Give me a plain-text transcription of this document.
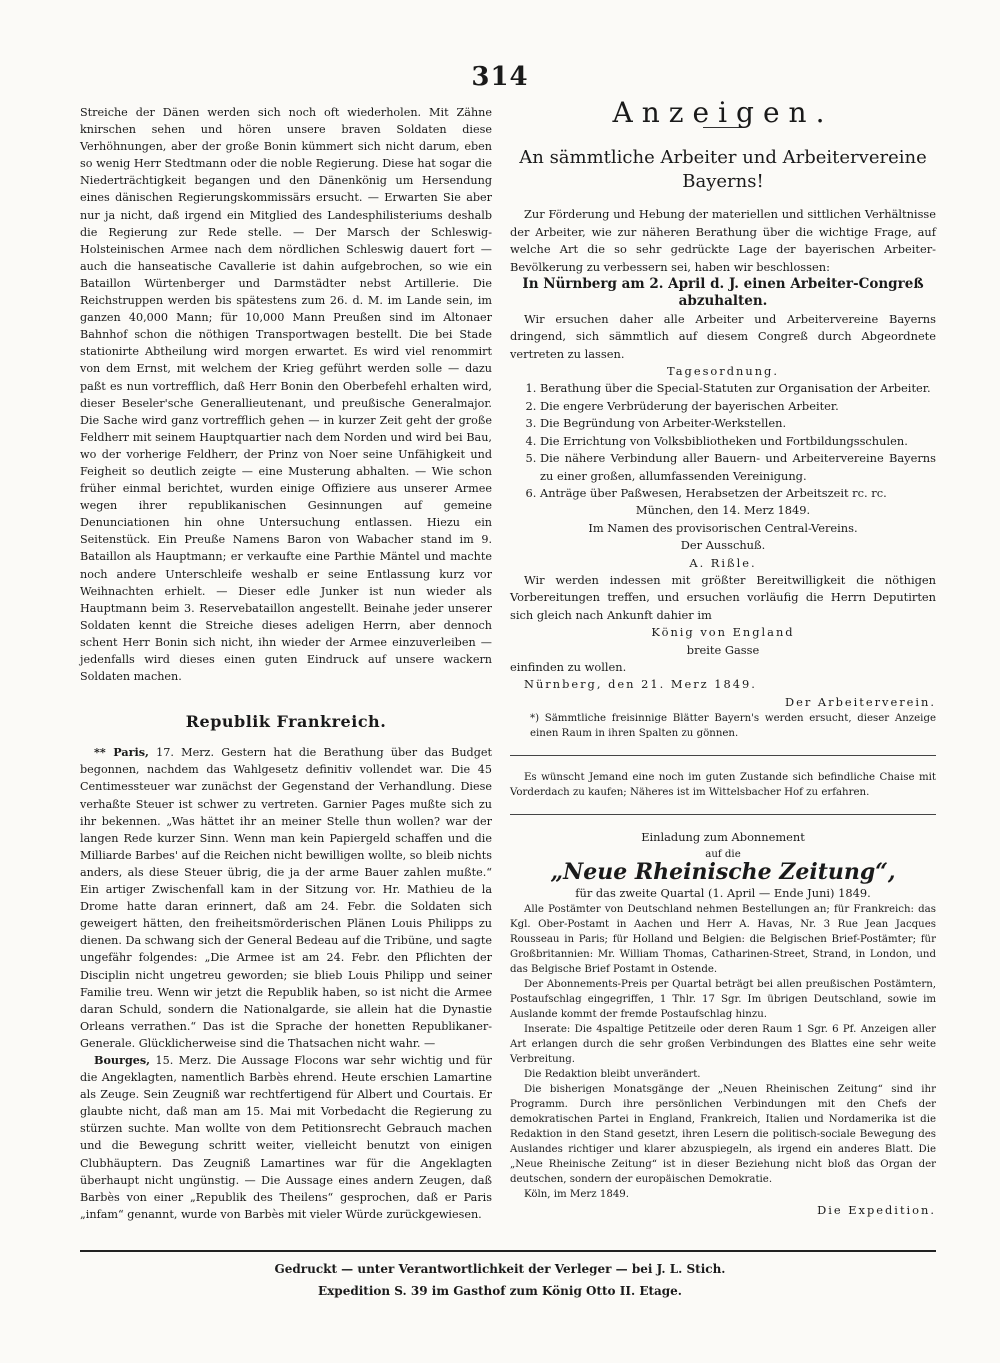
314

Streiche der Dänen werden sich noch oft wiederholen. Mit Zähne knirschen sehen und hören unsere braven Soldaten diese Verhöhnungen, aber der große Bonin kümmert sich nicht darum, eben so wenig Herr Stedtmann oder die noble Regierung. Diese hat sogar die Niederträchtigkeit begangen und den Dänenkönig um Hersendung eines dänischen Regierungskommissärs ersucht. — Erwarten Sie aber nur ja nicht, daß irgend ein Mitglied des Landesphilisteriums deshalb die Regierung zur Rede stelle. — Der Marsch der Schleswig-Holsteinischen Armee nach dem nördlichen Schleswig dauert fort — auch die hanseatische Cavallerie ist dahin aufgebrochen, so wie ein Bataillon Würtenberger und Darmstädter nebst Artillerie. Die Reichstruppen werden bis spätestens zum 26. d. M. im Lande sein, im ganzen 40,000 Mann; für 10,000 Mann Preußen sind im Altonaer Bahnhof schon die nöthigen Transportwagen bestellt. Die bei Stade stationirte Abtheilung wird morgen erwartet. Es wird viel renommirt von dem Ernst, mit welchem der Krieg geführt werden solle — dazu paßt es nun vortrefflich, daß Herr Bonin den Oberbefehl erhalten wird, dieser Beseler'sche Generallieutenant, und preußische Generalmajor. Die Sache wird ganz vortrefflich gehen — in kurzer Zeit geht der große Feldherr mit seinem Hauptquartier nach dem Norden und wird bei Bau, wo der vorherige Feldherr, der Prinz von Noer seine Unfähigkeit und Feigheit so deutlich zeigte — eine Musterung abhalten. — Wie schon früher einmal berichtet, wurden einige Offiziere aus unserer Armee wegen ihrer republikanischen Gesinnungen auf gemeine Denunciationen hin ohne Untersuchung entlassen. Hiezu ein Seitenstück. Ein Preuße Namens Baron von Wabacher stand im 9. Bataillon als Hauptmann; er verkaufte eine Parthie Mäntel und machte noch andere Unterschleife weshalb er seine Entlassung kurz vor Weihnachten erhielt. — Dieser edle Junker ist nun wieder als Hauptmann beim 3. Reservebataillon angestellt. Beinahe jeder unserer Soldaten kennt die Streiche dieses adeligen Herrn, aber dennoch schent Herr Bonin sich nicht, ihn wieder der Armee einzuverleiben — jedenfalls wird dieses einen guten Eindruck auf unsere wackern Soldaten machen.

Republik Frankreich.

** Paris, 17. Merz. Gestern hat die Berathung über das Budget begonnen, nachdem das Wahlgesetz definitiv vollendet war. Die 45 Centimessteuer war zunächst der Gegenstand der Verhandlung. Diese verhaßte Steuer ist schwer zu vertreten. Garnier Pages mußte sich zu ihr bekennen. „Was hättet ihr an meiner Stelle thun wollen? war der langen Rede kurzer Sinn. Wenn man kein Papiergeld schaffen und die Milliarde Barbes' auf die Reichen nicht bewilligen wollte, so bleib nichts anders, als diese Steuer übrig, die ja der arme Bauer zahlen mußte.“ Ein artiger Zwischenfall kam in der Sitzung vor. Hr. Mathieu de la Drome hatte daran erinnert, daß am 24. Febr. die Soldaten sich geweigert hätten, den freiheitsmörderischen Plänen Louis Philipps zu dienen. Da schwang sich der General Bedeau auf die Tribüne, und sagte ungefähr folgendes: „Die Armee ist am 24. Febr. den Pflichten der Disciplin nicht ungetreu geworden; sie blieb Louis Philipp und seiner Familie treu. Wenn wir jetzt die Republik haben, so ist nicht die Armee daran Schuld, sondern die Nationalgarde, sie allein hat die Dynastie Orleans verrathen.“ Das ist die Sprache der honetten Republikaner-Generale. Glücklicherweise sind die Thatsachen nicht wahr. —

Bourges, 15. Merz. Die Aussage Flocons war sehr wichtig und für die Angeklagten, namentlich Barbès ehrend. Heute erschien Lamartine als Zeuge. Sein Zeugniß war rechtfertigend für Albert und Courtais. Er glaubte nicht, daß man am 15. Mai mit Vorbedacht die Regierung zu stürzen suchte. Man wollte von dem Petitionsrecht Gebrauch machen und die Bewegung schritt weiter, vielleicht benutzt von einigen Clubhäuptern. Das Zeugniß Lamartines war für die Angeklagten überhaupt nicht ungünstig. — Die Aussage eines andern Zeugen, daß Barbès von einer „Republik des Theilens“ gesprochen, daß er Paris „infam“ genannt, wurde von Barbès mit vieler Würde zurückgewiesen.

Anzeigen.
An sämmtliche Arbeiter und Arbeitervereine Bayerns!

Zur Förderung und Hebung der materiellen und sittlichen Verhältnisse der Arbeiter, wie zur näheren Berathung über die wichtige Frage, auf welche Art die so sehr gedrückte Lage der bayerischen Arbeiter-Bevölkerung zu verbessern sei, haben wir beschlossen:

In Nürnberg am 2. April d. J. einen Arbeiter-Congreß abzuhalten.

Wir ersuchen daher alle Arbeiter und Arbeitervereine Bayerns dringend, sich sämmtlich auf diesem Congreß durch Abgeordnete vertreten zu lassen.

Tagesordnung.

1. Berathung über die Special-Statuten zur Organisation der Arbeiter.
2. Die engere Verbrüderung der bayerischen Arbeiter.
3. Die Begründung von Arbeiter-Werkstellen.
4. Die Errichtung von Volksbibliotheken und Fortbildungsschulen.
5. Die nähere Verbindung aller Bauern- und Arbeitervereine Bayerns zu einer großen, allumfassenden Vereinigung.
6. Anträge über Paßwesen, Herabsetzen der Arbeitszeit rc. rc.

München, den 14. Merz 1849.

Im Namen des provisorischen Central-Vereins.

Der Ausschuß.

A. Rißle.

Wir werden indessen mit größter Bereitwilligkeit die nöthigen Vorbereitungen treffen, und ersuchen vorläufig die Herrn Deputirten sich gleich nach Ankunft dahier im

König von England

breite Gasse

einfinden zu wollen.

Nürnberg, den 21. Merz 1849.

Der Arbeiterverein.

*) Sämmtliche freisinnige Blätter Bayern's werden ersucht, dieser Anzeige einen Raum in ihren Spalten zu gönnen.

Es wünscht Jemand eine noch im guten Zustande sich befindliche Chaise mit Vorderdach zu kaufen; Näheres ist im Wittelsbacher Hof zu erfahren.

Einladung zum Abonnement

auf die

„Neue Rheinische Zeitung“,

für das zweite Quartal (1. April — Ende Juni) 1849.

Alle Postämter von Deutschland nehmen Bestellungen an; für Frankreich: das Kgl. Ober-Postamt in Aachen und Herr A. Havas, Nr. 3 Rue Jean Jacques Rousseau in Paris; für Holland und Belgien: die Belgischen Brief-Postämter; für Großbritannien: Mr. William Thomas, Catharinen-Street, Strand, in London, und das Belgische Brief Postamt in Ostende.

Der Abonnements-Preis per Quartal beträgt bei allen preußischen Postämtern, Postaufschlag eingegriffen, 1 Thlr. 17 Sgr. Im übrigen Deutschland, sowie im Auslande kommt der fremde Postaufschlag hinzu.

Inserate: Die 4spaltige Petitzeile oder deren Raum 1 Sgr. 6 Pf. Anzeigen aller Art erlangen durch die sehr großen Verbindungen des Blattes eine sehr weite Verbreitung.

Die Redaktion bleibt unverändert.

Die bisherigen Monatsgänge der „Neuen Rheinischen Zeitung“ sind ihr Programm. Durch ihre persönlichen Verbindungen mit den Chefs der demokratischen Partei in England, Frankreich, Italien und Nordamerika ist die Redaktion in den Stand gesetzt, ihren Lesern die politisch-sociale Bewegung des Auslandes richtiger und klarer abzuspiegeln, als irgend ein anderes Blatt. Die „Neue Rheinische Zeitung“ ist in dieser Beziehung nicht bloß das Organ der deutschen, sondern der europäischen Demokratie.

Köln, im Merz 1849.

Die Expedition.

Gedruckt — unter Verantwortlichkeit der Verleger — bei J. L. Stich.
Expedition S. 39 im Gasthof zum König Otto II. Etage.
